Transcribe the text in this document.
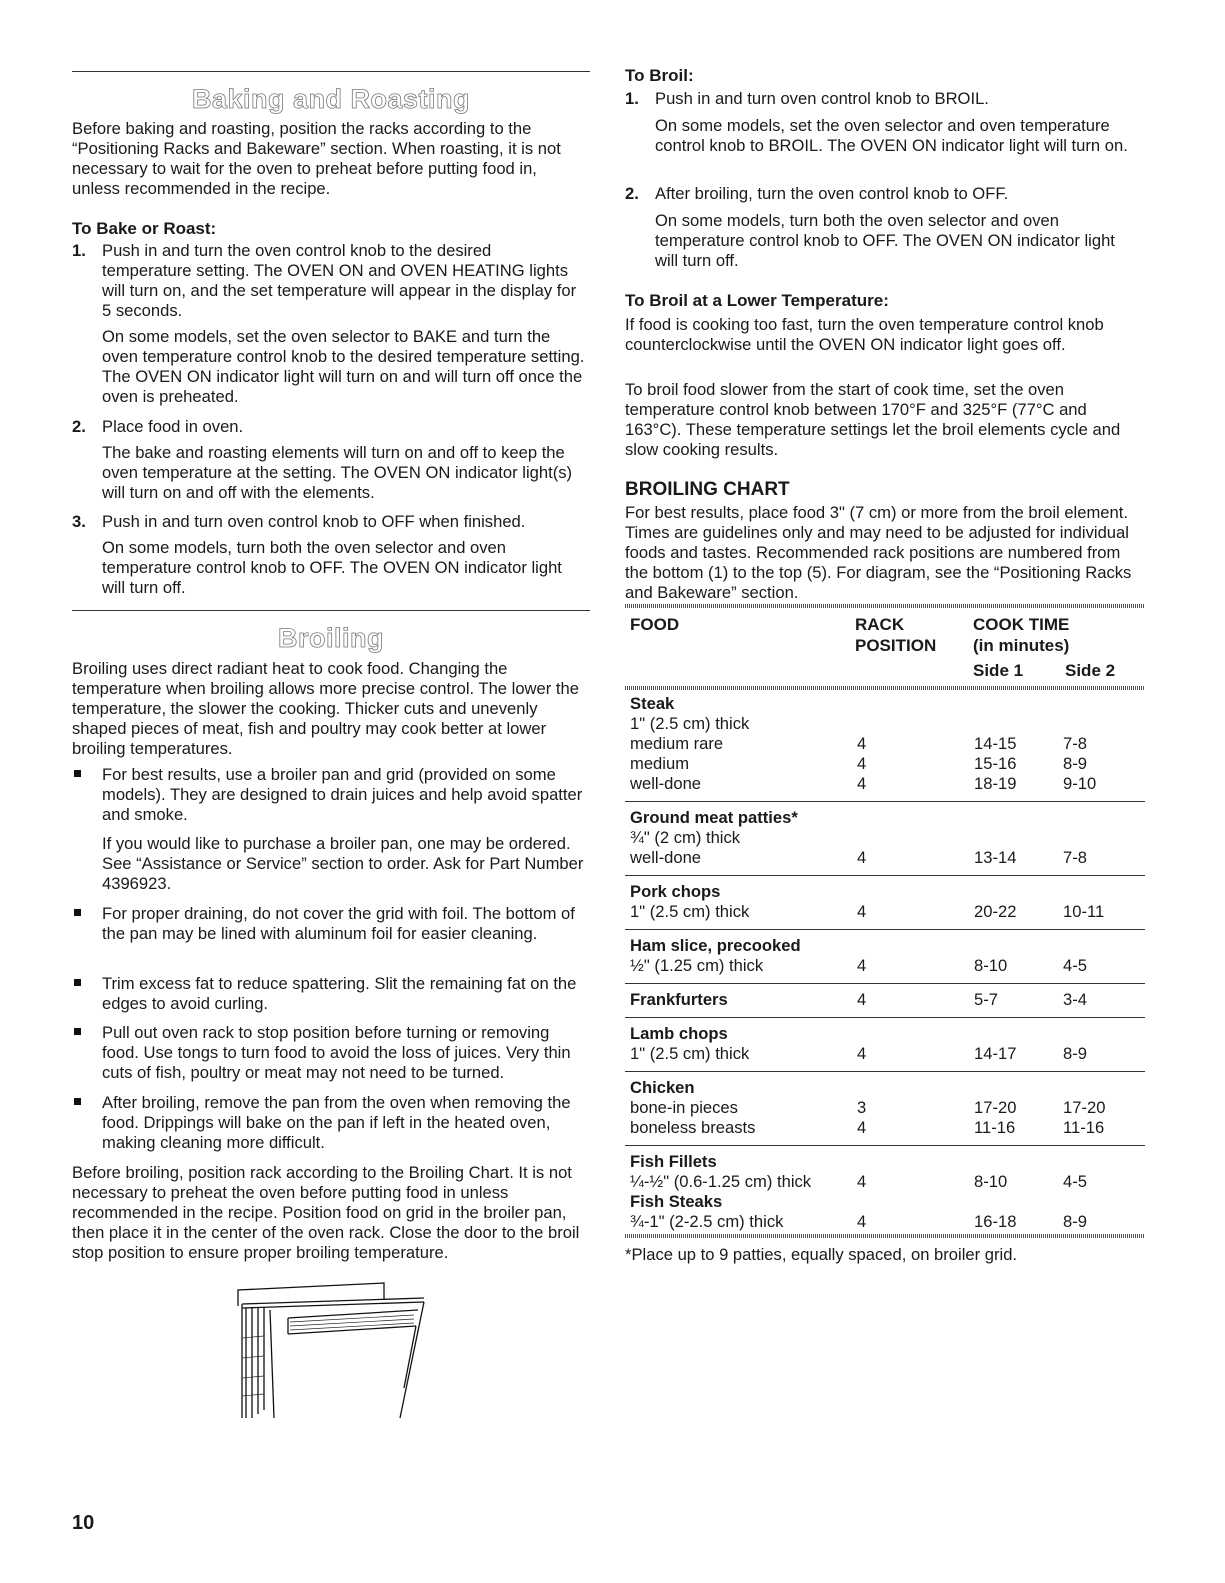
Baking and Roasting

Before baking and roasting, position the racks according to the “Positioning Racks and Bakeware” section. When roasting, it is not necessary to wait for the oven to preheat before putting food in, unless recommended in the recipe.

To Bake or Roast:

1. Push in and turn the oven control knob to the desired temperature setting. The OVEN ON and OVEN HEATING lights will turn on, and the set temperature will appear in the display for 5 seconds.

On some models, set the oven selector to BAKE and turn the oven temperature control knob to the desired temperature setting. The OVEN ON indicator light will turn on and will turn off once the oven is preheated.

2. Place food in oven.

The bake and roasting elements will turn on and off to keep the oven temperature at the setting. The OVEN ON indicator light(s) will turn on and off with the elements.

3. Push in and turn oven control knob to OFF when finished.

On some models, turn both the oven selector and oven temperature control knob to OFF. The OVEN ON indicator light will turn off.

Broiling

Broiling uses direct radiant heat to cook food. Changing the temperature when broiling allows more precise control. The lower the temperature, the slower the cooking. Thicker cuts and unevenly shaped pieces of meat, fish and poultry may cook better at lower broiling temperatures.

For best results, use a broiler pan and grid (provided on some models). They are designed to drain juices and help avoid spatter and smoke.

If you would like to purchase a broiler pan, one may be ordered. See “Assistance or Service” section to order. Ask for Part Number 4396923.

For proper draining, do not cover the grid with foil. The bottom of the pan may be lined with aluminum foil for easier cleaning.

Trim excess fat to reduce spattering. Slit the remaining fat on the edges to avoid curling.

Pull out oven rack to stop position before turning or removing food. Use tongs to turn food to avoid the loss of juices. Very thin cuts of fish, poultry or meat may not need to be turned.

After broiling, remove the pan from the oven when removing the food. Drippings will bake on the pan if left in the heated oven, making cleaning more difficult.

Before broiling, position rack according to the Broiling Chart. It is not necessary to preheat the oven before putting food in unless recommended in the recipe. Position food on grid in the broiler pan, then place it in the center of the oven rack. Close the door to the broil stop position to ensure proper broiling temperature.

10

To Broil:

1. Push in and turn oven control knob to BROIL.

On some models, set the oven selector and oven temperature control knob to BROIL. The OVEN ON indicator light will turn on.

2. After broiling, turn the oven control knob to OFF.

On some models, turn both the oven selector and oven temperature control knob to OFF. The OVEN ON indicator light will turn off.

To Broil at a Lower Temperature:

If food is cooking too fast, turn the oven temperature control knob counterclockwise until the OVEN ON indicator light goes off.

To broil food slower from the start of cook time, set the oven temperature control knob between 170°F and 325°F (77°C and 163°C). These temperature settings let the broil elements cycle and slow cooking results.

BROILING CHART

For best results, place food 3" (7 cm) or more from the broil element. Times are guidelines only and may need to be adjusted for individual foods and tastes. Recommended rack positions are numbered from the bottom (1) to the top (5). For diagram, see the “Positioning Racks and Bakeware” section.

FOOD	RACK
POSITION
COOK TIME
(in minutes)
Side 1 Side 2
Steak
1" (2.5 cm) thick
medium rare	4	14-15	7-8
medium	4	15-16	8-9
well-done	4	18-19	9-10
Ground meat patties*
¾" (2 cm) thick
well-done	4	13-14	7-8
Pork chops
1" (2.5 cm) thick	4	20-22	10-11
Ham slice, precooked
½" (1.25 cm) thick	4	8-10	4-5
Frankfurters	4	5-7	3-4
Lamb chops
1" (2.5 cm) thick	4	14-17	8-9
Chicken
bone-in pieces	3	17-20	17-20
boneless breasts	4	11-16	11-16
Fish Fillets
¼-½" (0.6-1.25 cm) thick	4	8-10	4-5
Fish Steaks
¾-1" (2-2.5 cm) thick	4	16-18	8-9

*Place up to 9 patties, equally spaced, on broiler grid.
